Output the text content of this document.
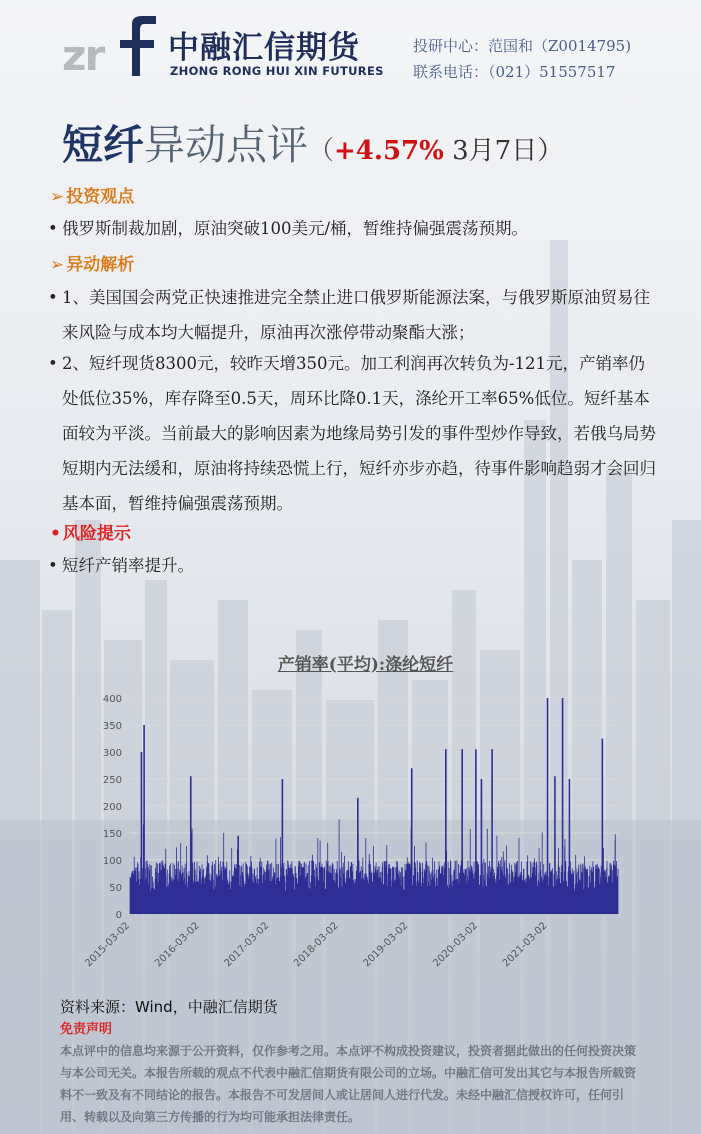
zr 中融汇信期货
ZHONG RONG HUI XIN FUTURES
投研中心：范国和（Z0014795)
联系电话：（021）51557517
短纤异动点评（+4.57% 3月7日）
➢ 投资观点
• 俄罗斯制裁加剧，原油突破100美元/桶，暂维持偏强震荡预期。
➢ 异动解析
• 1、美国国会两党正快速推进完全禁止进口俄罗斯能源法案，与俄罗斯原油贸易往来风险与成本均大幅提升，原油再次涨停带动聚酯大涨；
• 2、短纤现货8300元，较昨天增350元。加工利润再次转负为-121元，产销率仍处低位35%，库存降至0.5天，周环比降0.1天，涤纶开工率65%低位。短纤基本面较为平淡。当前最大的影响因素为地缘局势引发的事件型炒作导致，若俄乌局势短期内无法缓和，原油将持续恐慌上行，短纤亦步亦趋，待事件影响趋弱才会回归基本面，暂维持偏强震荡预期。
• 风险提示
• 短纤产销率提升。
产销率(平均):涤纶短纤
0
50
100
150
200
250
300
350
400
2015-03-02 2016-03-02 2017-03-02 2018-03-02 2019-03-02 2020-03-02 2021-03-02
资料来源：Wind，中融汇信期货
免责声明
本点评中的信息均来源于公开资料，仅作参考之用。本点评不构成投资建议，投资者据此做出的任何投资决策与本公司无关。本报告所载的观点不代表中融汇信期货有限公司的立场。中融汇信可发出其它与本报告所载资料不一致及有不同结论的报告。本报告不可发居间人或让居间人进行代发。未经中融汇信授权许可，任何引用、转载以及向第三方传播的行为均可能承担法律责任。
